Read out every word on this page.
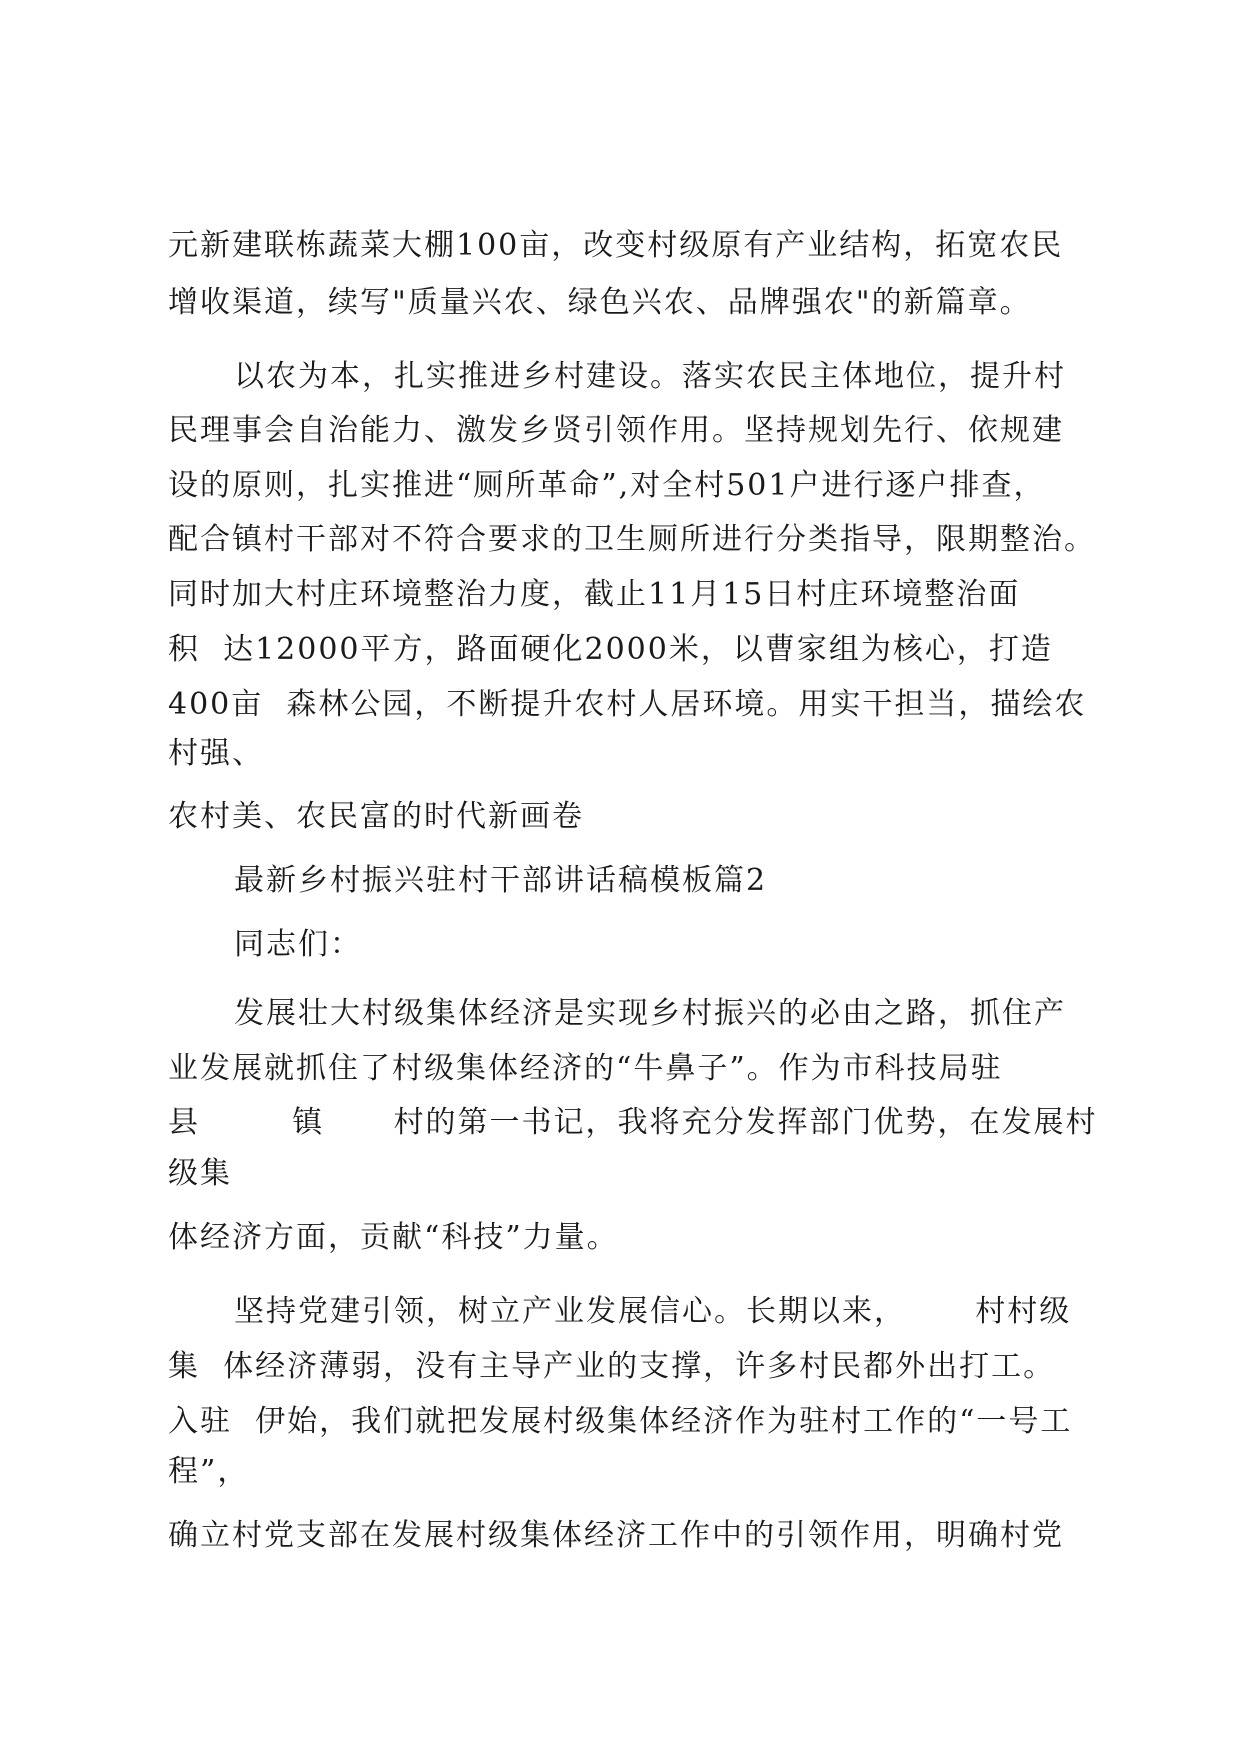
元新建联栋蔬菜大棚100亩，改变村级原有产业结构，拓宽农民
增收渠道，续写"质量兴农、绿色兴农、品牌强农"的新篇章。
以农为本，扎实推进乡村建设。落实农民主体地位，提升村
民理事会自治能力、激发乡贤引领作用。坚持规划先行、依规建
设的原则，扎实推进“厕所革命”,对全村501户进行逐户排查，
配合镇村干部对不符合要求的卫生厕所进行分类指导，限期整治。
同时加大村庄环境整治力度，截止11月15日村庄环境整治面
积  达12000平方，路面硬化2000米，以曹家组为核心，打造
400亩  森林公园，不断提升农村人居环境。用实干担当，描绘农
村强、
农村美、农民富的时代新画卷
最新乡村振兴驻村干部讲话稿模板篇2
同志们：
发展壮大村级集体经济是实现乡村振兴的必由之路，抓住产
业发展就抓住了村级集体经济的“牛鼻子”。作为市科技局驻
县        镇      村的第一书记，我将充分发挥部门优势，在发展村
级集
体经济方面，贡献“科技”力量。
坚持党建引领，树立产业发展信心。长期以来，      村村级
集  体经济薄弱，没有主导产业的支撑，许多村民都外出打工。
入驻  伊始，我们就把发展村级集体经济作为驻村工作的“一号工
程”，
确立村党支部在发展村级集体经济工作中的引领作用，明确村党
